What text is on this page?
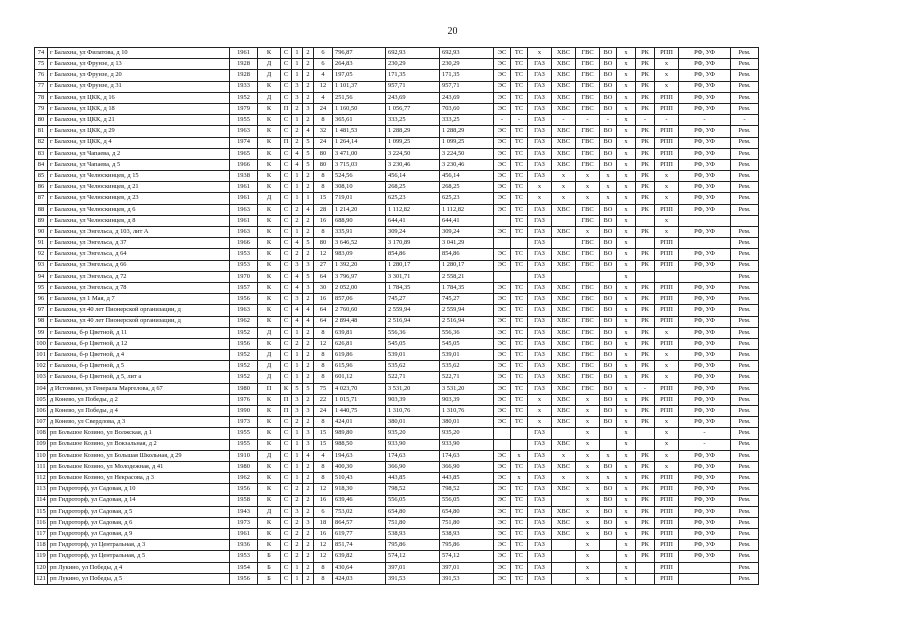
20
74	г Балахна, ул Филатова, д 10	1961	К	С	1	2	6	796,87	692,93	692,93	ЭС	ТС	х	ХВС	ГВС	ВО	х	РК	РПП	РФ, УФ	Рем.	
75	г Балахна, ул Фрунзе, д 13	1928	Д	С	1	2	6	264,83	230,29	230,29	ЭС	ТС	ГАЗ	ХВС	ГВС	ВО	х	РК	х	РФ, УФ	Рем.	
76	г Балахна, ул Фрунзе, д 20	1928	Д	С	1	2	4	197,05	171,35	171,35	ЭС	ТС	ГАЗ	ХВС	ГВС	ВО	х	РК	х	РФ, УФ	Рем.	
77	г Балахна, ул Фрунзе, д 31	1933	К	С	3	2	12	1 101,37	957,71	957,71	ЭС	ТС	ГАЗ	ХВС	ГВС	ВО	х	РК	х	РФ, УФ	Рем.	
78	г Балахна, ул ЦКК, д 16	1952	Д	С	3	2	4	251,56	243,69	243,69	ЭС	ТС	ГАЗ	ХВС	ГВС	ВО	х	РК	РПП	РФ, УФ	Рем.	
79	г Балахна, ул ЦКК, д 18	1979	К	П	2	3	24	1 160,50	1 056,77	703,60	ЭС	ТС	ГАЗ	ХВС	ГВС	ВО	х	РК	РПП	РФ, УФ	Рем.	
80	г Балахна, ул ЦКК, д 21	1955	К	С	1	2	8	365,61	333,25	333,25	-	-	ГАЗ	-	-	-	х	-	-	-	-	
81	г Балахна, ул ЦКК, д 29	1963	К	С	2	4	32	1 481,53	1 288,29	1 288,29	ЭС	ТС	ГАЗ	ХВС	ГВС	ВО	х	РК	РПП	РФ, УФ	Рем.	
82	г Балахна, ул ЦКК, д 4	1974	К	П	2	5	24	1 264,14	1 099,25	1 099,25	ЭС	ТС	ГАЗ	ХВС	ГВС	ВО	х	РК	РПП	РФ, УФ	Рем.	
83	г Балахна, ул Чапаева, д 2	1965	К	С	4	5	80	3 471,00	3 224,50	3 224,50	ЭС	ТС	ГАЗ	ХВС	ГВС	ВО	х	РК	РПП	РФ, УФ	Рем.	
84	г Балахна, ул Чапаева, д 5	1966	К	С	4	5	80	3 715,03	3 230,46	3 230,46	ЭС	ТС	ГАЗ	ХВС	ГВС	ВО	х	РК	РПП	РФ, УФ	Рем.	
85	г Балахна, ул Челюскинцев, д 15	1938	К	С	1	2	8	524,56	456,14	456,14	ЭС	ТС	ГАЗ	х	х	х	х	РК	х	РФ, УФ	Рем.	
86	г Балахна, ул Челюскинцев, д 21	1961	К	С	1	2	8	308,10	268,25	268,25	ЭС	ТС	х	х	х	х	х	РК	х	РФ, УФ	Рем.	
87	г Балахна, ул Челюскинцев, д 23	1961	Д	С	1	1	15	719,01	625,23	625,23	ЭС	ТС	х	х	х	х	х	РК	х	РФ, УФ	Рем.	
88	г Балахна, ул Челюскинцев, д 6	1963	К	С	2	4	28	1 214,20	1 112,82	1 112,82	ЭС	ТС	ГАЗ	ХВС	ГВС	ВО	х	РК	РПП	РФ, УФ	Рем.	
89	г Балахна, ул Челюскинцев, д 8	1961	К	С	2	2	16	688,90	644,41	644,41		ТС	ГАЗ		ГВС	ВО	х		х			
90	г Балахна, ул Энгельса, д 103, лит А	1963	К	С	1	2	8	335,91	309,24	309,24	ЭС	ТС	ГАЗ	ХВС	х	ВО	х	РК	х	РФ, УФ	Рем.	
91	г Балахна, ул Энгельса, д 37	1966	К	С	4	5	80	3 646,52	3 170,89	3 041,29			ГАЗ		ГВС	ВО	х		РПП		Рем.	
92	г Балахна, ул Энгельса, д 64	1953	К	С	2	2	12	983,09	854,86	854,86	ЭС	ТС	ГАЗ	ХВС	ГВС	ВО	х	РК	РПП	РФ, УФ	Рем.	
93	г Балахна, ул Энгельса, д 66	1953	К	С	3	3	27	1 392,20	1 280,17	1 280,17	ЭС	ТС	ГАЗ	ХВС	ГВС	ВО	х	РК	РПП	РФ, УФ	Рем.	
94	г Балахна, ул Энгельса, д 72	1970	К	С	4	5	64	3 796,97	3 301,71	2 558,21			ГАЗ				х				Рем.	
95	г Балахна, ул Энгельса, д 78	1957	К	С	4	3	30	2 052,00	1 784,35	1 784,35	ЭС	ТС	ГАЗ	ХВС	ГВС	ВО	х	РК	РПП	РФ, УФ	Рем.	
96	г Балахна, ул 1 Мая, д 7	1956	К	С	3	2	16	857,06	745,27	745,27	ЭС	ТС	ГАЗ	ХВС	ГВС	ВО	х	РК	РПП	РФ, УФ	Рем.	
97	г Балахна, ул 40 лет Пионерской организации, д	1963	К	С	4	4	64	2 760,60	2 559,94	2 559,94	ЭС	ТС	ГАЗ	ХВС	ГВС	ВО	х	РК	РПП	РФ, УФ	Рем.	
98	г Балахна, ул 40 лет Пионерской организации, д	1962	К	С	4	4	64	2 894,48	2 516,94	2 516,94	ЭС	ТС	ГАЗ	ХВС	ГВС	ВО	х	РК	РПП	РФ, УФ	Рем.	
99	г Балахна, б-р Цветной, д 11	1952	Д	С	1	2	8	639,81	556,36	556,36	ЭС	ТС	ГАЗ	ХВС	ГВС	ВО	х	РК	х	РФ, УФ	Рем.	
100	г Балахна, б-р Цветной, д 12	1956	К	С	2	2	12	626,81	545,05	545,05	ЭС	ТС	ГАЗ	ХВС	ГВС	ВО	х	РК	РПП	РФ, УФ	Рем.	
101	г Балахна, б-р Цветной, д 4	1952	Д	С	1	2	8	619,86	539,01	539,01	ЭС	ТС	ГАЗ	ХВС	ГВС	ВО	х	РК	х	РФ, УФ	Рем.	
102	г Балахна, б-р Цветной, д 5	1952	Д	С	1	2	8	615,96	535,62	535,62	ЭС	ТС	ГАЗ	ХВС	ГВС	ВО	х	РК	х	РФ, УФ	Рем.	
103	г Балахна, б-р Цветной, д 5, лит а	1952	Д	С	1	2	8	601,12	522,71	522,71	ЭС	ТС	ГАЗ	ХВС	ГВС	ВО	х	РК	х	РФ, УФ	Рем.	
104	д Истомино, ул Генерала Маргелова, д 67	1980	П	К	5	5	75	4 023,70	3 531,20	3 531,20	ЭС	ТС	ГАЗ	ХВС	ГВС	ВО	х	-	РПП	РФ, УФ	Рем.	
105	д Конево, ул Победы, д 2	1976	К	П	3	2	22	1 015,71	903,39	903,39	ЭС	ТС	х	ХВС	х	ВО	х	РК	РПП	РФ, УФ	Рем.	
106	д Конево, ул Победы, д 4	1990	К	П	3	3	24	1 440,75	1 310,76	1 310,76	ЭС	ТС	х	ХВС	х	ВО	х	РК	РПП	РФ, УФ	Рем.	
107	д Конево, ул Свердлова, д 3	1973	К	С	2	2	8	424,01	380,01	380,01	ЭС	ТС	х	ХВС	х	ВО	х	РК	х	РФ, УФ	Рем.	
108	рп Большое Козино, ул Волжская, д 1	1955	К	С	1	3	15	989,80	935,20	935,20			ГАЗ		х		х		х	-	Рем.	
109	рп Большое Козино, ул Вокзальная, д 2	1955	К	С	1	3	15	988,50	933,90	933,90			ГАЗ	ХВС	х		х		х	-	Рем.	
110	рп Большое Козино, ул Большая Школьная, д 29	1910	Д	С	1	4	4	194,63	174,63	174,63	ЭС	х	ГАЗ	х	х	х	х	РК	х	РФ, УФ	Рем.	
111	рп Большое Козино, ул Молодежная, д 41	1980	К	С	1	2	8	400,30	366,90	366,90	ЭС	ТС	ГАЗ	ХВС	х	ВО	х	РК	х	РФ, УФ	Рем.	
112	рп Большое Козино, ул Некрасова, д 3	1962	К	С	1	2	8	510,43	443,85	443,85	ЭС	х	ГАЗ	х	х	х	х	РК	РПП	РФ, УФ	Рем.	
113	рп Гидроторф, ул Садовая, д 10	1956	К	С	2	2	12	918,30	798,52	798,52	ЭС	ТС	ГАЗ	ХВС	х	ВО	х	РК	РПП	РФ, УФ	Рем.	
114	рп Гидроторф, ул Садовая, д 14	1958	К	С	2	2	16	639,46	556,05	556,05	ЭС	ТС	ГАЗ		х	ВО	х	РК	РПП	РФ, УФ	Рем.	
115	рп Гидроторф, ул Садовая, д 5	1943	Д	С	3	2	6	753,02	654,80	654,80	ЭС	ТС	ГАЗ	ХВС	х	ВО	х	РК	РПП	РФ, УФ	Рем.	
116	рп Гидроторф, ул Садовая, д 6	1973	К	С	2	3	18	864,57	751,80	751,80	ЭС	ТС	ГАЗ	ХВС	х	ВО	х	РК	РПП	РФ, УФ	Рем.	
117	рп Гидроторф, ул Садовая, д 9	1961	К	С	2	2	16	619,77	538,93	538,93	ЭС	ТС	ГАЗ	ХВС	х	ВО	х	РК	РПП	РФ, УФ	Рем.	
118	рп Гидроторф, ул Центральная, д 3	1936	К	С	2	2	12	851,74	795,86	795,86	ЭС	ТС	ГАЗ		х		х	РК	РПП	РФ, УФ	Рем.	
119	рп Гидроторф, ул Центральная, д 5	1953	Б	С	2	2	12	639,82	574,12	574,12	ЭС	ТС	ГАЗ		х		х	РК	РПП	РФ, УФ	Рем.	
120	рп Лукино, ул Победы, д 4	1954	Б	С	1	2	8	430,64	397,01	397,01	ЭС	ТС	ГАЗ		х		х		РПП		Рем.	
121	рп Лукино, ул Победы, д 5	1956	Б	С	1	2	8	424,03	391,53	391,53	ЭС	ТС	ГАЗ		х		х		РПП		Рем.	
